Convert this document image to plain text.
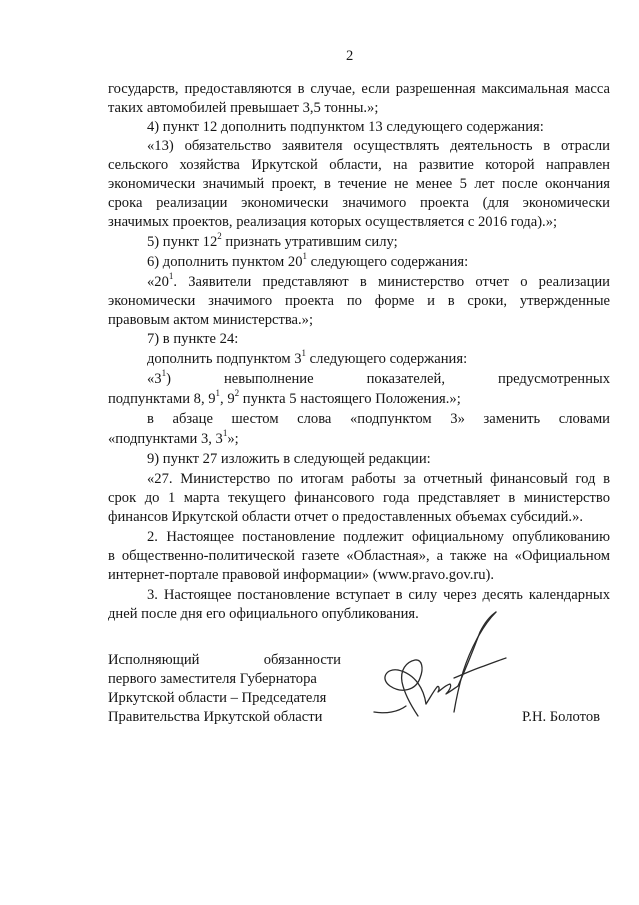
2
государств, предоставляются в случае, если разрешенная максимальная масса
таких автомобилей превышает 3,5 тонны.»;
4) пункт 12 дополнить подпунктом 13 следующего содержания:
«13) обязательство заявителя осуществлять деятельность в отрасли
сельского хозяйства Иркутской области, на развитие которой направлен
экономически значимый проект, в течение не менее 5 лет после окончания
срока реализации экономически значимого проекта (для экономически
значимых проектов, реализация которых осуществляется с 2016 года).»;
5) пункт $12^2$ признать утратившим силу;
6) дополнить пунктом $20^1$ следующего содержания:
«$20^1$. Заявители представляют в министерство отчет о реализации
экономически значимого проекта по форме и в сроки, утвержденные
правовым актом министерства.»;
7) в пункте 24:
дополнить подпунктом $3^1$ следующего содержания:
«$3^1$) невыполнение показателей, предусмотренных
подпунктами 8, $9^1$, $9^2$ пункта 5 настоящего Положения.»;
в абзаце шестом слова «подпунктом 3» заменить словами
«подпунктами 3, $3^1$»;
9) пункт 27 изложить в следующей редакции:
«27. Министерство по итогам работы за отчетный финансовый год в
срок до 1 марта текущего финансового года представляет в министерство
финансов Иркутской области отчет о предоставленных объемах субсидий.».
2. Настоящее постановление подлежит официальному опубликованию
в общественно-политической газете «Областная», а также на «Официальном
интернет-портале правовой информации» (www.pravo.gov.ru).
3. Настоящее постановление вступает в силу через десять календарных
дней после дня его официального опубликования.
Исполняющий обязанности
первого заместителя Губернатора
Иркутской области – Председателя
Правительства Иркутской области	Р.Н. Болотов
